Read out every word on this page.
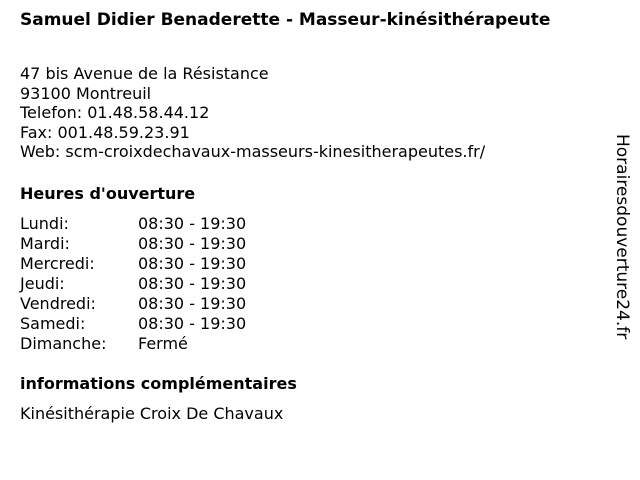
Samuel Didier Benaderette - Masseur-kinésithérapeute
47 bis Avenue de la Résistance
93100 Montreuil
Telefon: 01.48.58.44.12
Fax: 001.48.59.23.91
Web: scm-croixdechavaux-masseurs-kinesitherapeutes.fr/
Heures d'ouverture
Lundi:	08:30 - 19:30
Mardi:	08:30 - 19:30
Mercredi:	08:30 - 19:30
Jeudi:	08:30 - 19:30
Vendredi:	08:30 - 19:30
Samedi:	08:30 - 19:30
Dimanche: Fermé
informations complémentaires
Kinésithérapie Croix De Chavaux
Horairesdouverture24.fr
